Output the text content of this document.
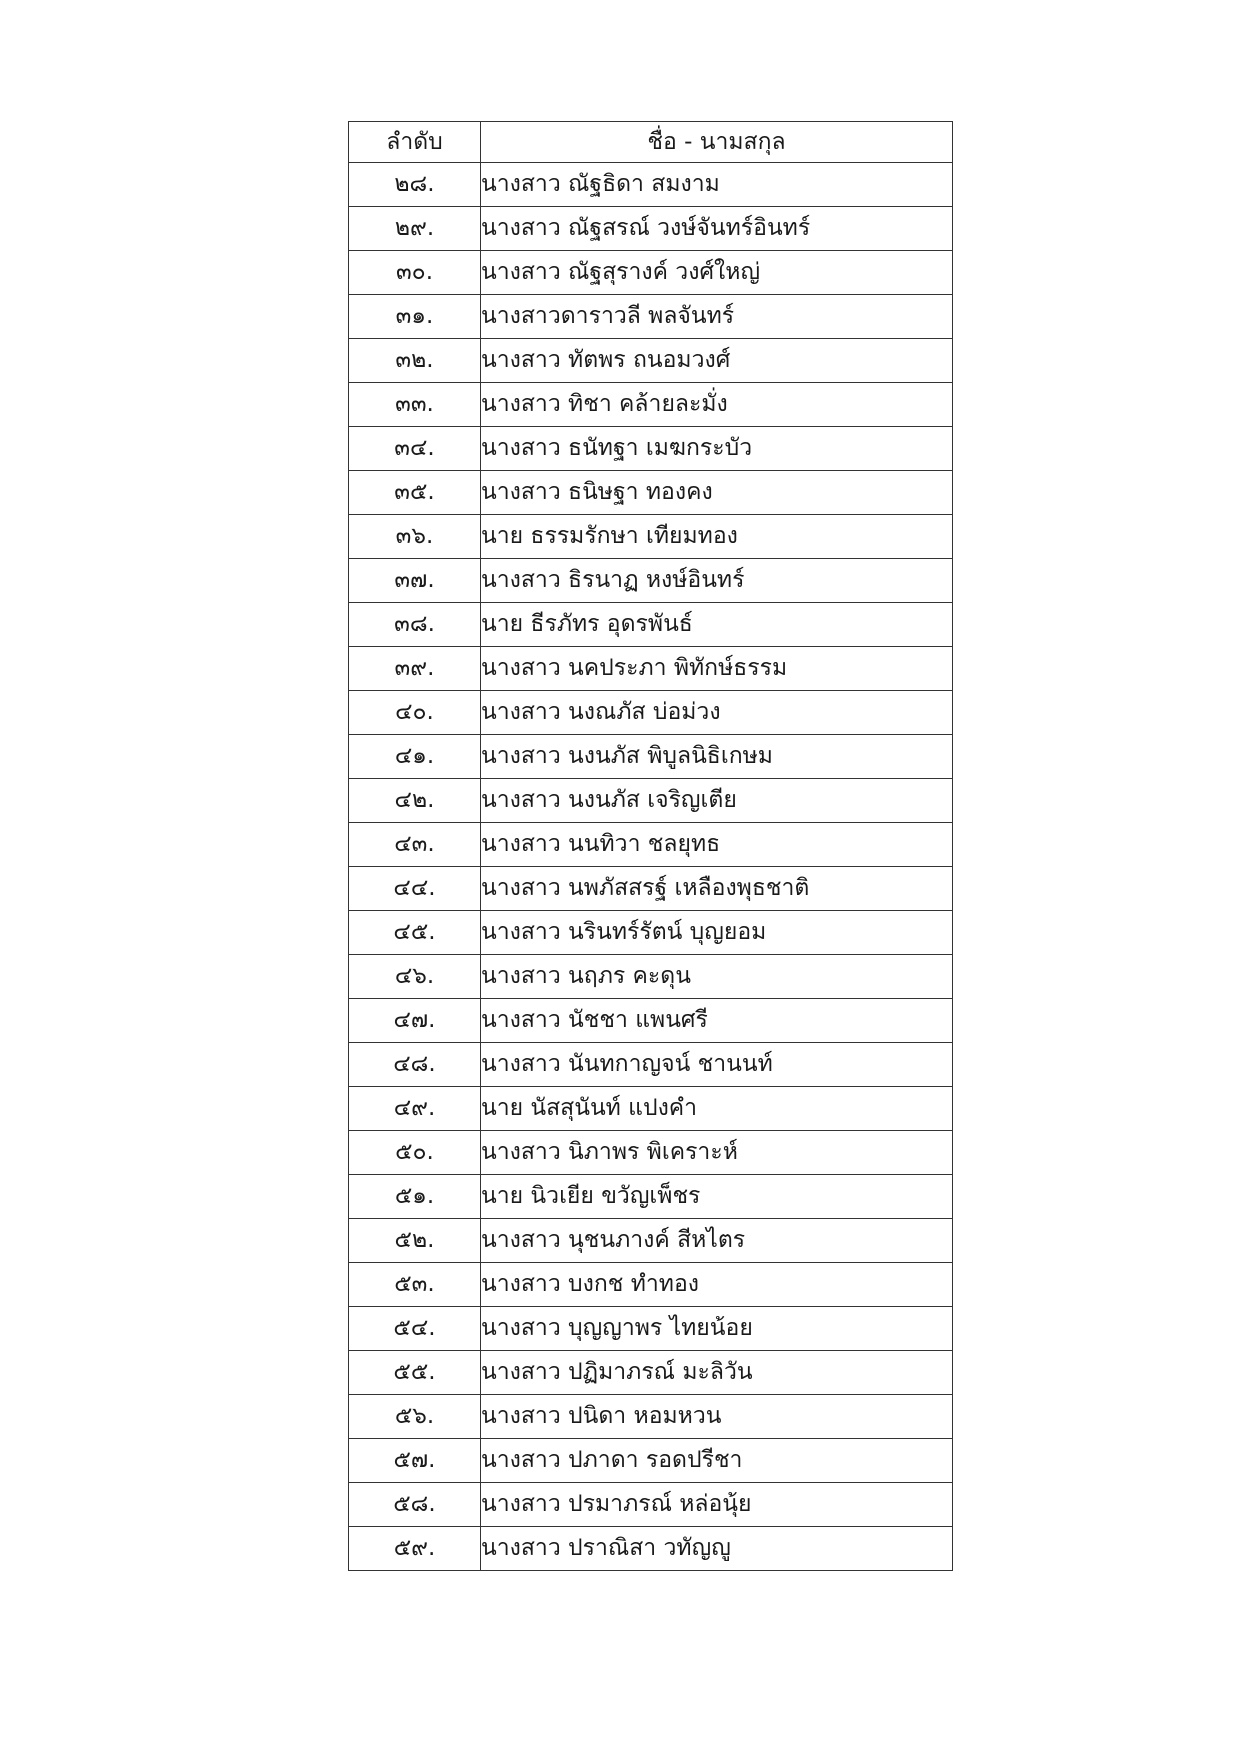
ลำดับ	ชื่อ - นามสกุล
๒๘.	นางสาว ณัฐธิดา สมงาม
๒๙.	นางสาว ณัฐสรณ์ วงษ์จันทร์อินทร์
๓๐.	นางสาว ณัฐสุรางค์ วงศ์ใหญ่
๓๑.	นางสาวดาราวลี พลจันทร์
๓๒.	นางสาว ทัตพร ถนอมวงศ์
๓๓.	นางสาว ทิชา คล้ายละมั่ง
๓๔.	นางสาว ธนัทฐา เมฆกระบัว
๓๕.	นางสาว ธนิษฐา ทองคง
๓๖.	นาย ธรรมรักษา เทียมทอง
๓๗.	นางสาว ธิรนาฏ หงษ์อินทร์
๓๘.	นาย ธีรภัทร อุดรพันธ์
๓๙.	นางสาว นคประภา พิทักษ์ธรรม
๔๐.	นางสาว นงณภัส บ่อม่วง
๔๑.	นางสาว นงนภัส พิบูลนิธิเกษม
๔๒.	นางสาว นงนภัส เจริญเตีย
๔๓.	นางสาว นนทิวา ชลยุทธ
๔๔.	นางสาว นพภัสสรฐ์ เหลืองพุธชาติ
๔๕.	นางสาว นรินทร์รัตน์ บุญยอม
๔๖.	นางสาว นฤภร คะดุน
๔๗.	นางสาว นัชชา แพนศรี
๔๘.	นางสาว นันทกาญจน์ ชานนท์
๔๙.	นาย นัสสุนันท์ แปงคำ
๕๐.	นางสาว นิภาพร พิเคราะห์
๕๑.	นาย นิวเยีย ขวัญเพ็ชร
๕๒.	นางสาว นุชนภางค์ สีหไตร
๕๓.	นางสาว บงกช ทำทอง
๕๔.	นางสาว บุญญาพร ไทยน้อย
๕๕.	นางสาว ปฏิมาภรณ์ มะลิวัน
๕๖.	นางสาว ปนิดา หอมหวน
๕๗.	นางสาว ปภาดา รอดปรีชา
๕๘.	นางสาว ปรมาภรณ์ หล่อนุ้ย
๕๙.	นางสาว ปราณิสา วทัญญู
